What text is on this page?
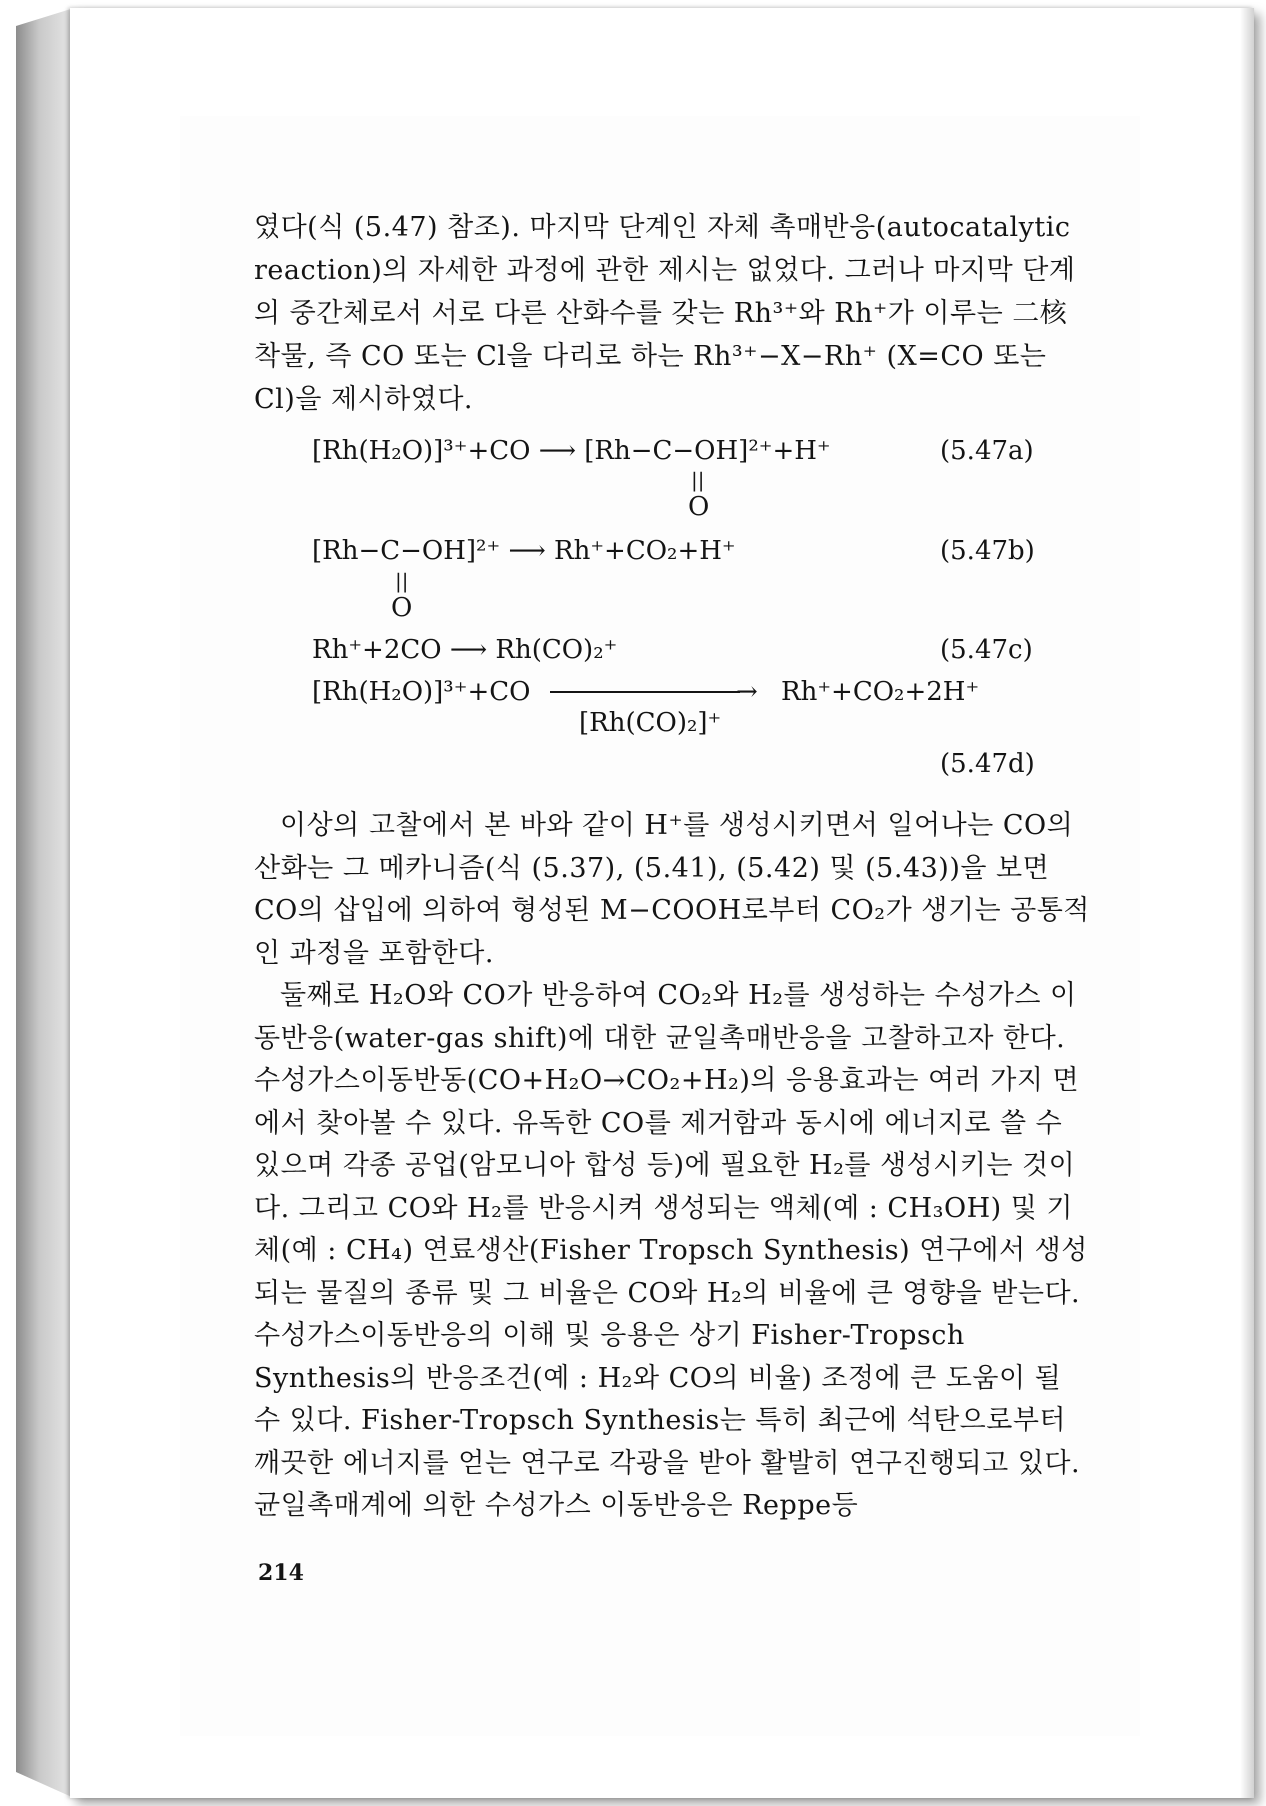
였다(식 (5.47) 참조). 마지막 단계인 자체 촉매반응(autocatalytic reaction)의 자세한 과정에 관한 제시는 없었다. 그러나 마지막 단계의 중간체로서 서로 다른 산화수를 갖는 Rh³⁺와 Rh⁺가 이루는 二核착물, 즉 CO 또는 Cl을 다리로 하는 Rh³⁺−X−Rh⁺ (X=CO 또는 Cl)을 제시하였다.
[Rh(H₂O)]³⁺+CO ⟶ [Rh−C−OH]²⁺+H⁺
||
O
(5.47a)
[Rh−C−OH]²⁺ ⟶ Rh⁺+CO₂+H⁺
||
O
(5.47b)
Rh⁺+2CO ⟶ Rh(CO)₂⁺	(5.47c)
[Rh(H₂O)]³⁺+CO	→ Rh⁺+CO₂+2H⁺
[Rh(CO)₂]⁺
(5.47d)
이상의 고찰에서 본 바와 같이 H⁺를 생성시키면서 일어나는 CO의 산화는 그 메카니즘(식 (5.37), (5.41), (5.42) 및 (5.43))을 보면 CO의 삽입에 의하여 형성된 M−COOH로부터 CO₂가 생기는 공통적인 과정을 포함한다.
둘째로 H₂O와 CO가 반응하여 CO₂와 H₂를 생성하는 수성가스 이동반응(water-gas shift)에 대한 균일촉매반응을 고찰하고자 한다. 수성가스이동반동(CO+H₂O→CO₂+H₂)의 응용효과는 여러 가지 면에서 찾아볼 수 있다. 유독한 CO를 제거함과 동시에 에너지로 쓸 수 있으며 각종 공업(암모니아 합성 등)에 필요한 H₂를 생성시키는 것이다. 그리고 CO와 H₂를 반응시켜 생성되는 액체(예 : CH₃OH) 및 기체(예 : CH₄) 연료생산(Fisher Tropsch Synthesis) 연구에서 생성되는 물질의 종류 및 그 비율은 CO와 H₂의 비율에 큰 영향을 받는다. 수성가스이동반응의 이해 및 응용은 상기 Fisher-Tropsch Synthesis의 반응조건(예 : H₂와 CO의 비율) 조정에 큰 도움이 될 수 있다. Fisher-Tropsch Synthesis는 특히 최근에 석탄으로부터 깨끗한 에너지를 얻는 연구로 각광을 받아 활발히 연구진행되고 있다. 균일촉매계에 의한 수성가스 이동반응은 Reppe등
214
